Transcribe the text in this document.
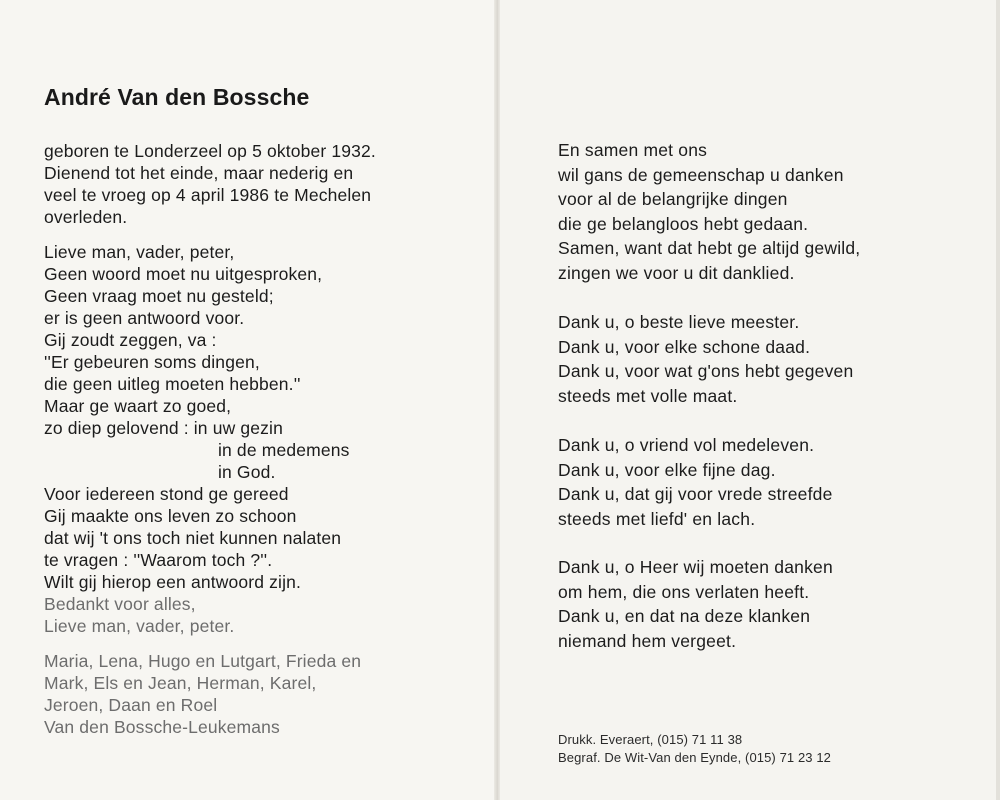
André Van den Bossche
geboren te Londerzeel op 5 oktober 1932.
Dienend tot het einde, maar nederig en
veel te vroeg op 4 april 1986 te Mechelen
overleden.
Lieve man, vader, peter,
Geen woord moet nu uitgesproken,
Geen vraag moet nu gesteld;
er is geen antwoord voor.
Gij zoudt zeggen, va :
''Er gebeuren soms dingen,
die geen uitleg moeten hebben.''
Maar ge waart zo goed,
zo diep gelovend : in uw gezin
in de medemens
in God.
Voor iedereen stond ge gereed
Gij maakte ons leven zo schoon
dat wij 't ons toch niet kunnen nalaten
te vragen : ''Waarom toch ?''.
Wilt gij hierop een antwoord zijn.
Bedankt voor alles,
Lieve man, vader, peter.
Maria, Lena, Hugo en Lutgart, Frieda en
Mark, Els en Jean, Herman, Karel,
Jeroen, Daan en Roel
Van den Bossche-Leukemans
En samen met ons
wil gans de gemeenschap u danken
voor al de belangrijke dingen
die ge belangloos hebt gedaan.
Samen, want dat hebt ge altijd gewild,
zingen we voor u dit danklied.
Dank u, o beste lieve meester.
Dank u, voor elke schone daad.
Dank u, voor wat g'ons hebt gegeven
steeds met volle maat.
Dank u, o vriend vol medeleven.
Dank u, voor elke fijne dag.
Dank u, dat gij voor vrede streefde
steeds met liefd' en lach.
Dank u, o Heer wij moeten danken
om hem, die ons verlaten heeft.
Dank u, en dat na deze klanken
niemand hem vergeet.
Drukk. Everaert, (015) 71 11 38
Begraf. De Wit-Van den Eynde, (015) 71 23 12
